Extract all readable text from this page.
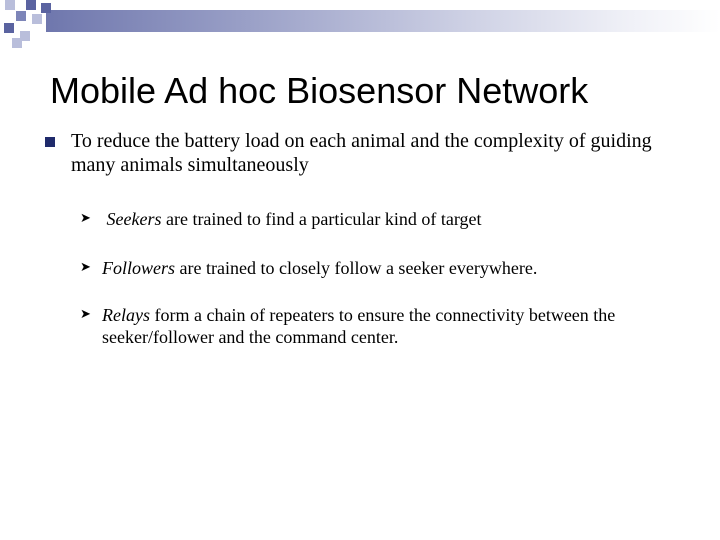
Mobile Ad hoc Biosensor Network
To reduce the battery load on each animal and the complexity of guiding many animals simultaneously
➤ Seekers are trained to find a particular kind of target
➤ Followers are trained to closely follow a seeker everywhere.
➤ Relays form a chain of repeaters to ensure the connectivity between the seeker/follower and the command center.
